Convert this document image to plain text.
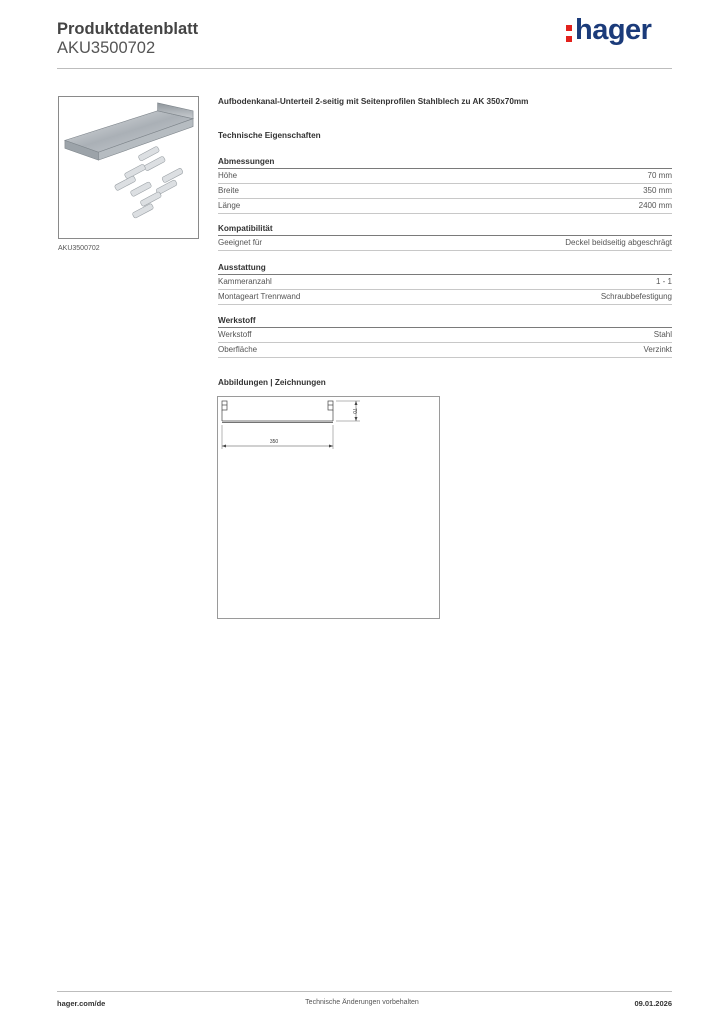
Produktdatenblatt
AKU3500702
hager
AKU3500702
Aufbodenkanal-Unterteil 2-seitig mit Seitenprofilen Stahlblech zu AK 350x70mm
Technische Eigenschaften
Abmessungen
Höhe	70 mm
Breite	350 mm
Länge	2400 mm
Kompatibilität
Geeignet für	Deckel beidseitig abgeschrägt
Ausstattung
Kammeranzahl	1 - 1
Montageart Trennwand	Schraubbefestigung
Werkstoff
Werkstoff	Stahl
Oberfläche	Verzinkt
Abbildungen | Zeichnungen
350
70
hager.com/de	Technische Änderungen vorbehalten	09.01.2026
